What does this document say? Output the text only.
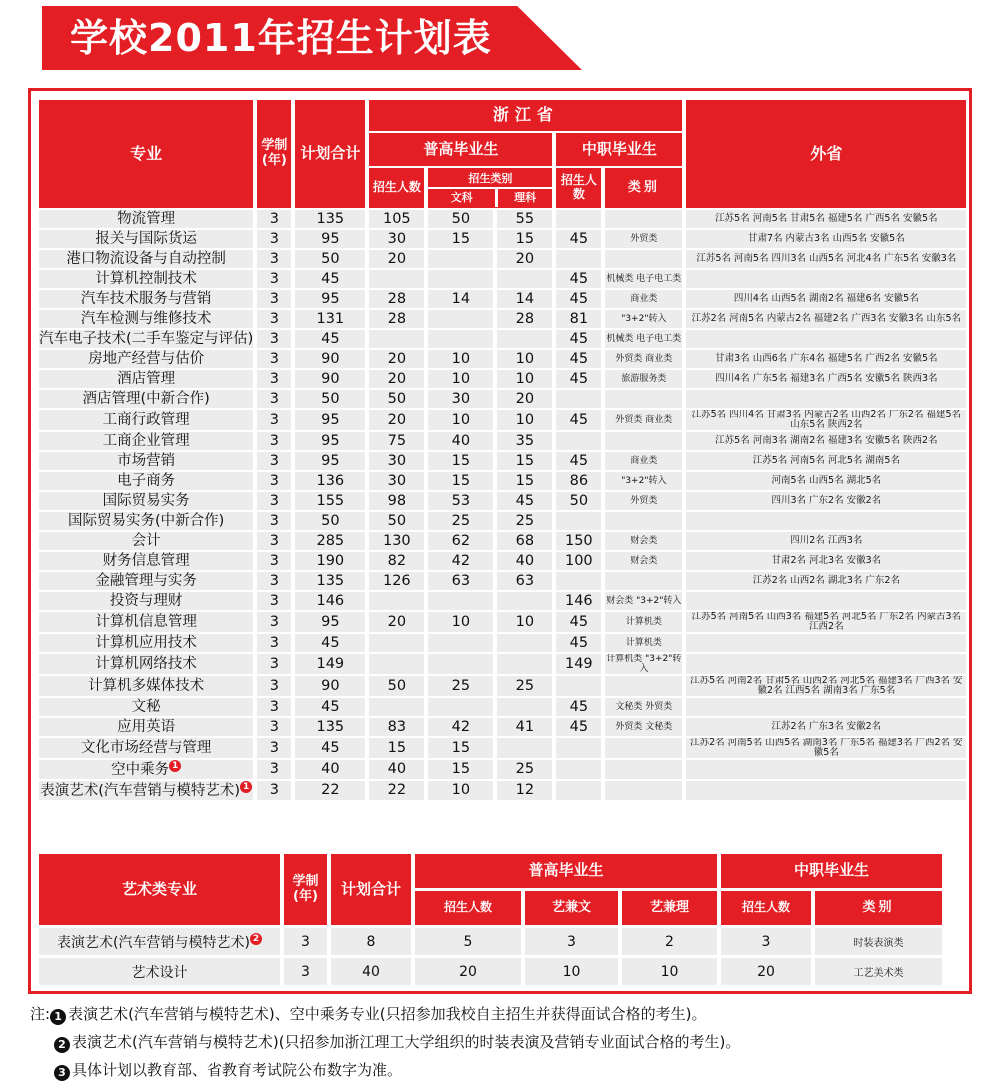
学校2011年招生计划表
专业	学制(年)	计划合计	浙江省					外省
			普高毕业生			中职毕业生		
			招生人数	招生类别
文科 理科		招生人数	类别	
物流管理	3	135	105	50	55			江苏5名 河南5名 甘肃5名 福建5名 广西5名 安徽5名
报关与国际货运	3	95	30	15	15	45	外贸类	甘肃7名 内蒙古3名 山西5名 安徽5名
港口物流设备与自动控制	3	50	20		20			江苏5名 河南5名 四川3名 山西5名 河北4名 广东5名 安徽3名
计算机控制技术	3	45				45	机械类 电子电工类	
汽车技术服务与营销	3	95	28	14	14	45	商业类	四川4名 山西5名 湖南2名 福建6名 安徽5名
汽车检测与维修技术	3	131	28		28	81	"3+2"转入	江苏2名 河南5名 内蒙古2名 福建2名 广西3名 安徽3名 山东5名
汽车电子技术(二手车鉴定与评估)	3	45				45	机械类 电子电工类	
房地产经营与估价	3	90	20	10	10	45	外贸类 商业类	甘肃3名 山西6名 广东4名 福建5名 广西2名 安徽5名
酒店管理	3	90	20	10	10	45	旅游服务类	四川4名 广东5名 福建3名 广西5名 安徽5名 陕西3名
酒店管理(中新合作)	3	50	50	30	20			
工商行政管理	3	95	20	10	10	45	外贸类 商业类	江苏5名 四川4名 甘肃3名 内蒙古2名 山西2名 广东2名 福建5名 山东5名 陕西2名
工商企业管理	3	95	75	40	35			江苏5名 河南3名 湖南2名 福建3名 安徽5名 陕西2名
市场营销	3	95	30	15	15	45	商业类	江苏5名 河南5名 河北5名 湖南5名
电子商务	3	136	30	15	15	86	"3+2"转入	河南5名 山西5名 湖北5名
国际贸易实务	3	155	98	53	45	50	外贸类	四川3名 广东2名 安徽2名
国际贸易实务(中新合作)	3	50	50	25	25			
会计	3	285	130	62	68	150	财会类	四川2名 江西3名
财务信息管理	3	190	82	42	40	100	财会类	甘肃2名 河北3名 安徽3名
金融管理与实务	3	135	126	63	63			江苏2名 山西2名 湖北3名 广东2名
投资与理财	3	146				146	财会类 "3+2"转入	
计算机信息管理	3	95	20	10	10	45	计算机类	江苏5名 河南5名 山西3名 福建5名 河北5名 广东2名 内蒙古3名 江西2名
计算机应用技术	3	45				45	计算机类	
计算机网络技术	3	149				149	计算机类 "3+2"转入	
计算机多媒体技术	3	90	50	25	25			江苏5名 河南2名 甘肃5名 山西2名 河北5名 福建3名 广西3名 安徽2名 江西5名 湖南3名 广东5名
文秘	3	45				45	文秘类 外贸类	
应用英语	3	135	83	42	41	45	外贸类 文秘类	江苏2名 广东3名 安徽2名
文化市场经营与管理	3	45	15	15				江苏2名 河南5名 山西5名 湖南3名 广东5名 福建3名 广西2名 安徽5名
空中乘务 1	3	40	40	15	25			
表演艺术(汽车营销与模特艺术) 1	3	22	22	10	12			
艺术类专业	学制(年)	计划合计	普高毕业生			中职毕业生	
			招生人数	艺兼文	艺兼理	招生人数	类别
表演艺术(汽车营销与模特艺术) 2	3	8	5	3	2	3	时装表演类
艺术设计	3	40	20	10	10	20	工艺美术类
注: 1 表演艺术(汽车营销与模特艺术)、空中乘务专业(只招参加我校自主招生并获得面试合格的考生)。
2 表演艺术(汽车营销与模特艺术)(只招参加浙江理工大学组织的时装表演及营销专业面试合格的考生)。
3 具体计划以教育部、省教育考试院公布数字为准。
